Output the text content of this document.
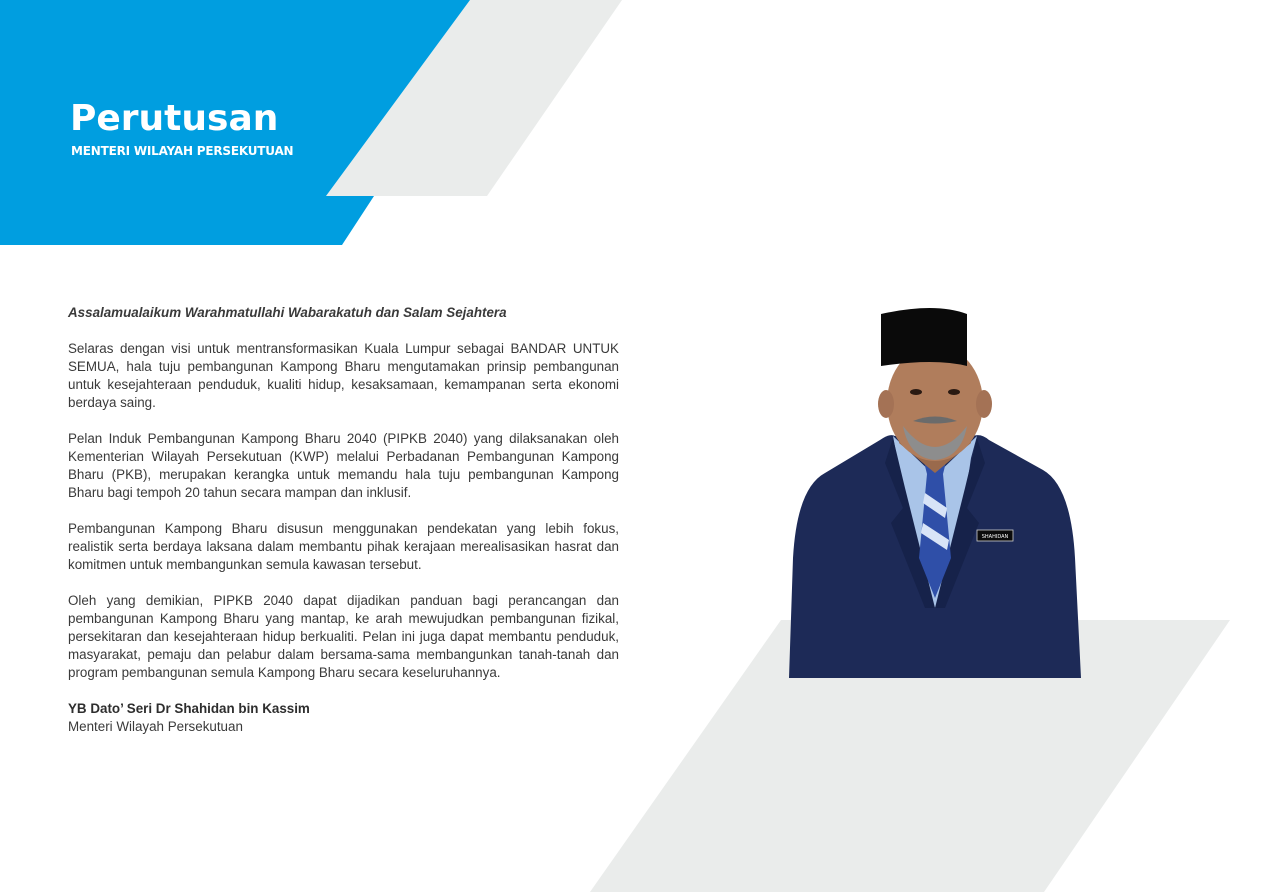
Perutusan

MENTERI WILAYAH PERSEKUTUAN

Assalamualaikum Warahmatullahi Wabarakatuh dan Salam Sejahtera

Selaras dengan visi untuk mentransformasikan Kuala Lumpur sebagai BANDAR UNTUK SEMUA, hala tuju pembangunan Kampong Bharu mengutamakan prinsip pembangunan untuk kesejahteraan penduduk, kualiti hidup, kesaksamaan, kemampanan serta ekonomi berdaya saing.

Pelan Induk Pembangunan Kampong Bharu 2040 (PIPKB 2040) yang dilaksanakan oleh Kementerian Wilayah Persekutuan (KWP) melalui Perbadanan Pembangunan Kampong Bharu (PKB), merupakan kerangka untuk memandu hala tuju pembangunan Kampong Bharu bagi tempoh 20 tahun secara mampan dan inklusif.

Pembangunan Kampong Bharu disusun menggunakan pendekatan yang lebih fokus, realistik serta berdaya laksana dalam membantu pihak kerajaan merealisasikan hasrat dan komitmen untuk membangunkan semula kawasan tersebut.

Oleh yang demikian, PIPKB 2040 dapat dijadikan panduan bagi perancangan dan pembangunan Kampong Bharu yang mantap, ke arah mewujudkan pembangunan fizikal, persekitaran dan kesejahteraan hidup berkualiti. Pelan ini juga dapat membantu penduduk, masyarakat, pemaju dan pelabur dalam bersama-sama membangunkan tanah-tanah dan program pembangunan semula Kampong Bharu secara keseluruhannya.

YB Dato’ Seri Dr Shahidan bin Kassim

Menteri Wilayah Persekutuan

SHAHIDAN
